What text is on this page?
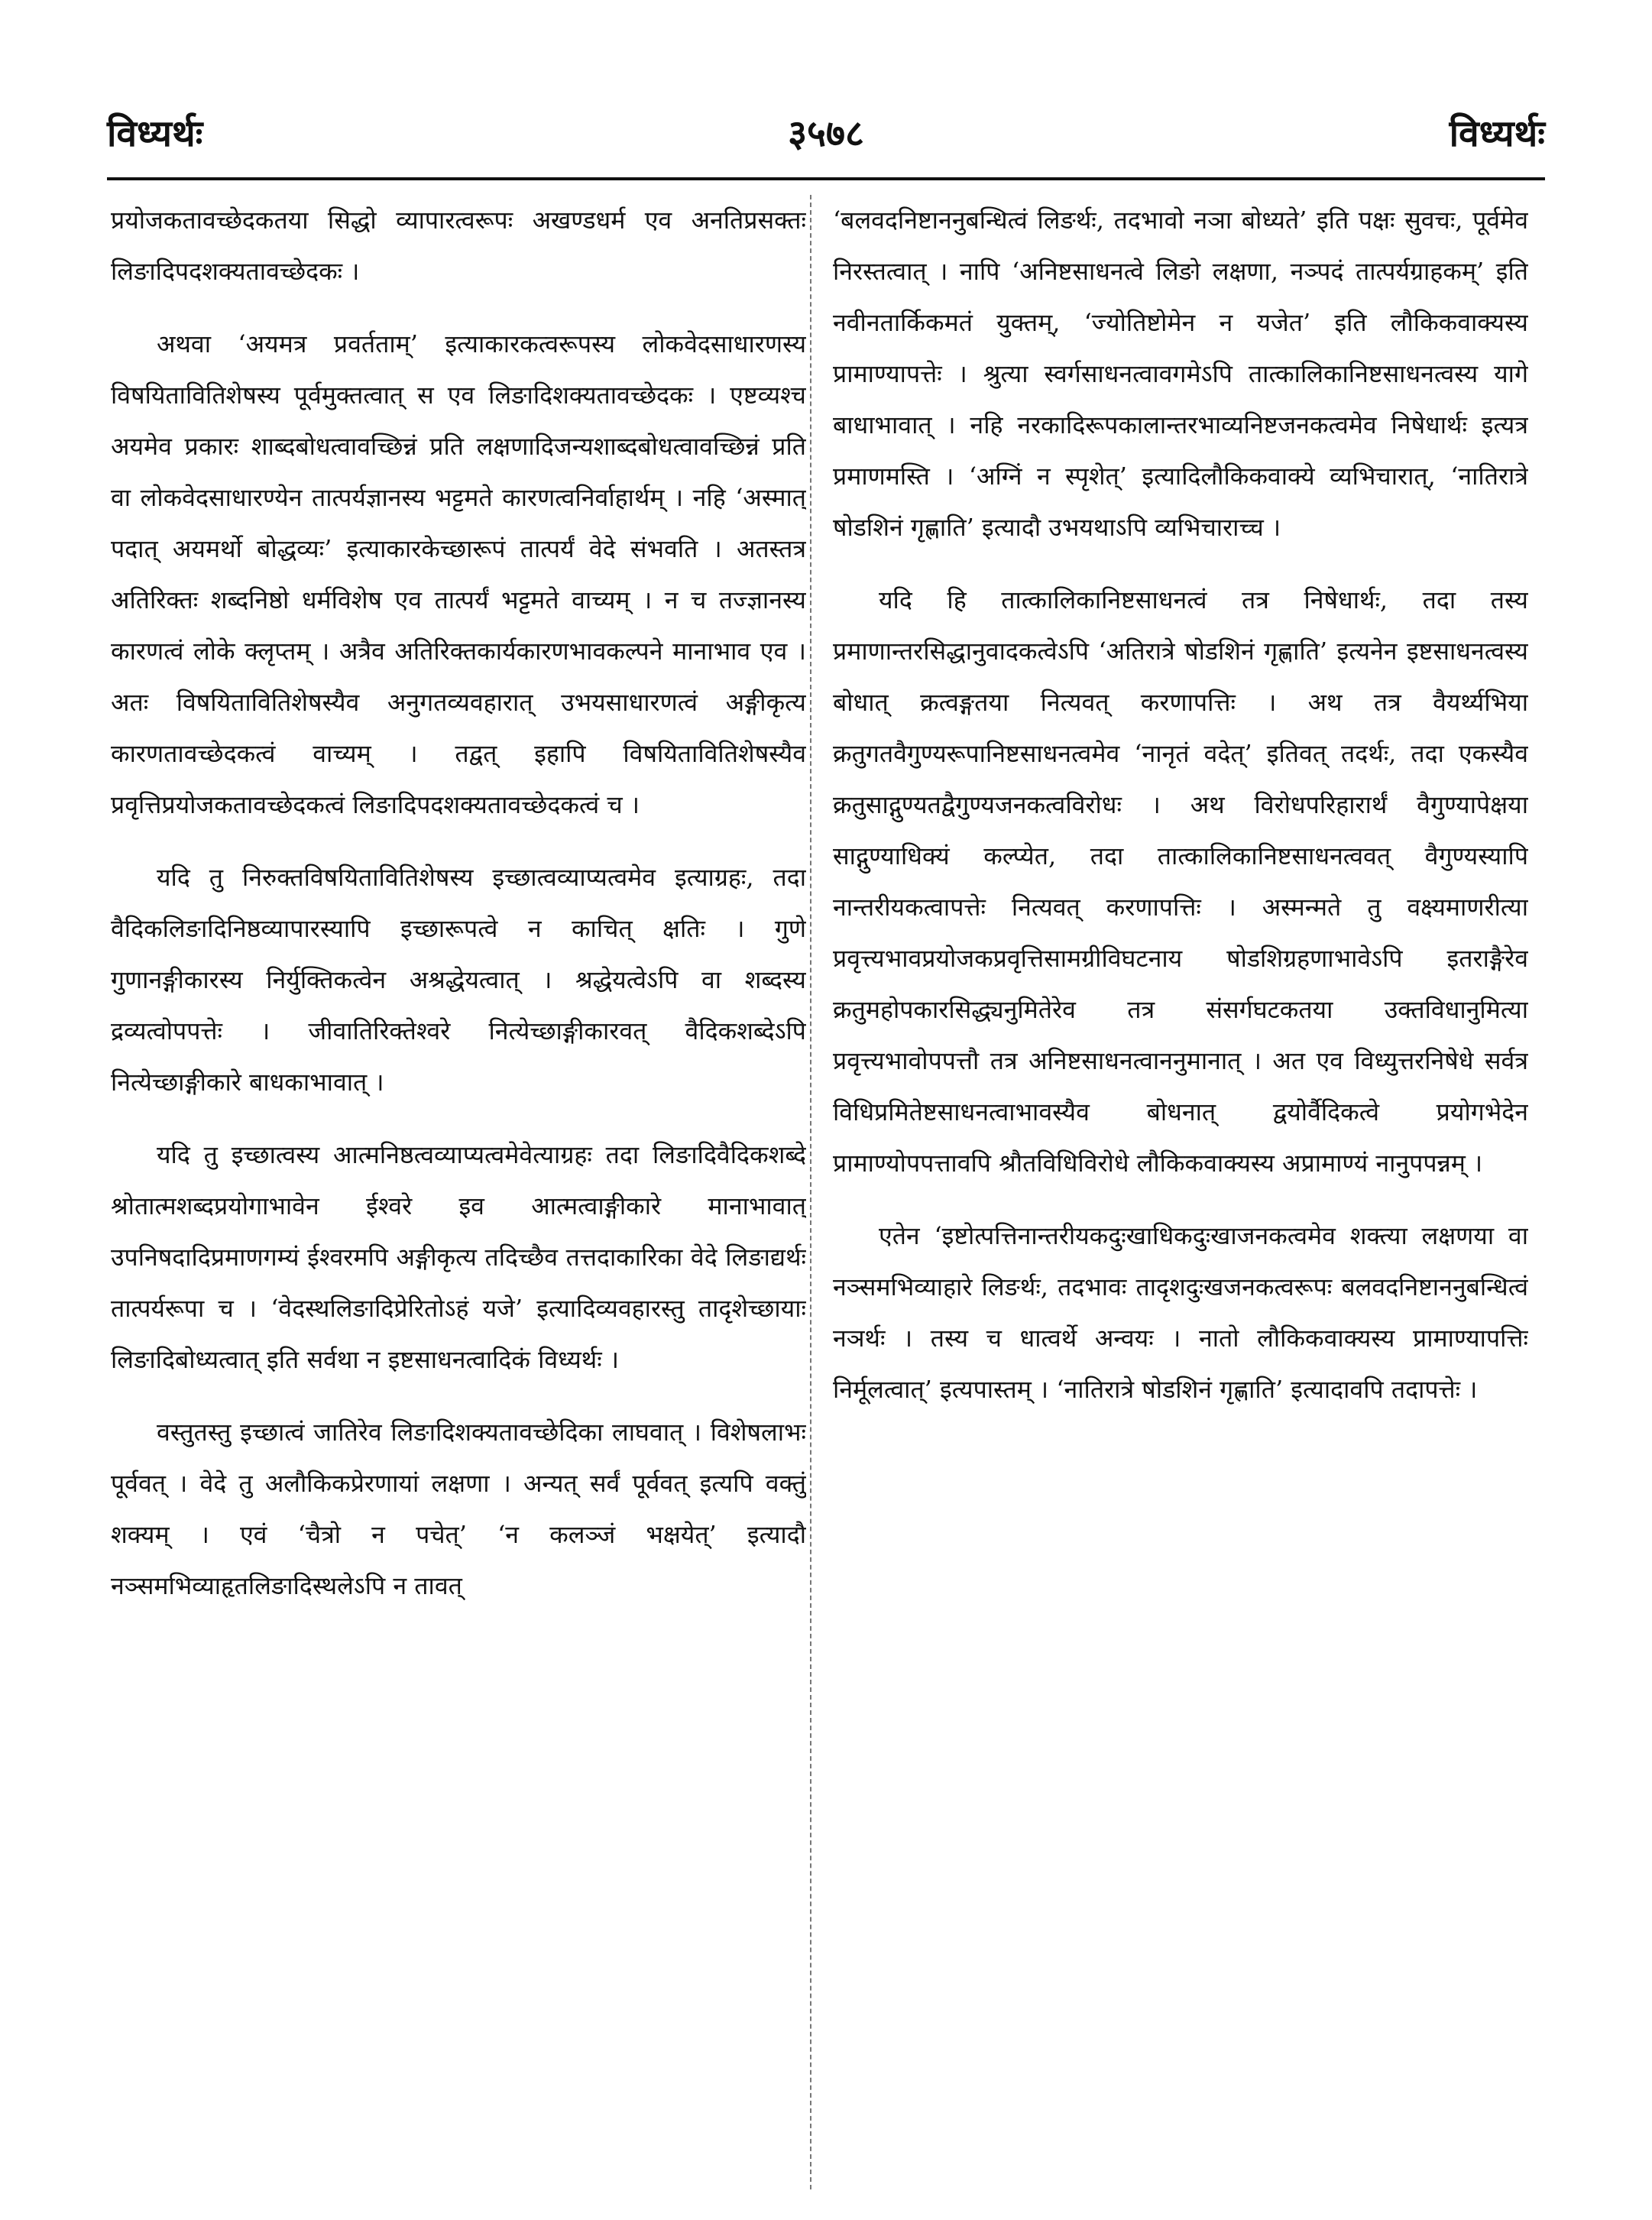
विध्यर्थः	३५७८	विध्यर्थः

प्रयोजकतावच्छेदकतया सिद्धो व्यापारत्वरूपः अखण्डधर्म एव अनतिप्रसक्तः लिङादिपदशक्यतावच्छेदकः ।

अथवा ‘अयमत्र प्रवर्तताम्’ इत्याकारकत्वरूपस्य लोकवेदसाधारणस्य विषयितावितिशेषस्य पूर्वमुक्तत्वात् स एव लिङादिशक्यतावच्छेदकः । एष्टव्यश्च अयमेव प्रकारः शाब्दबोधत्वावच्छिन्नं प्रति लक्षणादिजन्यशाब्दबोधत्वावच्छिन्नं प्रति वा लोकवेदसाधारण्येन तात्पर्यज्ञानस्य भट्टमते कारणत्वनिर्वाहार्थम् । नहि ‘अस्मात् पदात् अयमर्थो बोद्धव्यः’ इत्याकारकेच्छारूपं तात्पर्यं वेदे संभवति । अतस्तत्र अतिरिक्तः शब्दनिष्ठो धर्मविशेष एव तात्पर्यं भट्टमते वाच्यम् । न च तज्ज्ञानस्य कारणत्वं लोके क्लृप्तम् । अत्रैव अतिरिक्तकार्यकारणभावकल्पने मानाभाव एव । अतः विषयितावितिशेषस्यैव अनुगतव्यवहारात् उभयसाधारणत्वं अङ्गीकृत्य कारणतावच्छेदकत्वं वाच्यम् । तद्वत् इहापि विषयितावितिशेषस्यैव प्रवृत्तिप्रयोजकतावच्छेदकत्वं लिङादिपदशक्यतावच्छेदकत्वं च ।

यदि तु निरुक्तविषयितावितिशेषस्य इच्छात्वव्याप्यत्वमेव इत्याग्रहः, तदा वैदिकलिङादिनिष्ठव्यापारस्यापि इच्छारूपत्वे न काचित् क्षतिः । गुणे गुणानङ्गीकारस्य निर्युक्तिकत्वेन अश्रद्धेयत्वात् । श्रद्धेयत्वेऽपि वा शब्दस्य द्रव्यत्वोपपत्तेः । जीवातिरिक्तेश्वरे नित्येच्छाङ्गीकारवत् वैदिकशब्देऽपि नित्येच्छाङ्गीकारे बाधकाभावात् ।

यदि तु इच्छात्वस्य आत्मनिष्ठत्वव्याप्यत्वमेवेत्याग्रहः तदा लिङादिवैदिकशब्दे श्रोतात्मशब्दप्रयोगाभावेन ईश्वरे इव आत्मत्वाङ्गीकारे मानाभावात् उपनिषदादिप्रमाणगम्यं ईश्वरमपि अङ्गीकृत्य तदिच्छैव तत्तदाकारिका वेदे लिङाद्यर्थः तात्पर्यरूपा च । ‘वेदस्थलिङादिप्रेरितोऽहं यजे’ इत्यादिव्यवहारस्तु तादृशेच्छायाः लिङादिबोध्यत्वात् इति सर्वथा न इष्टसाधनत्वादिकं विध्यर्थः ।

वस्तुतस्तु इच्छात्वं जातिरेव लिङादिशक्यतावच्छेदिका लाघवात् । विशेषलाभः पूर्ववत् । वेदे तु अलौकिकप्रेरणायां लक्षणा । अन्यत् सर्वं पूर्ववत् इत्यपि वक्तुं शक्यम् । एवं ‘चैत्रो न पचेत्’ ‘न कलञ्जं भक्षयेत्’ इत्यादौ नञ्समभिव्याहृतलिङादिस्थलेऽपि न तावत्

‘बलवदनिष्टाननुबन्धित्वं लिङर्थः, तदभावो नञा बोध्यते’ इति पक्षः सुवचः, पूर्वमेव निरस्तत्वात् । नापि ‘अनिष्टसाधनत्वे लिङो लक्षणा, नञ्पदं तात्पर्यग्राहकम्’ इति नवीनतार्किकमतं युक्तम्, ‘ज्योतिष्टोमेन न यजेत’ इति लौकिकवाक्यस्य प्रामाण्यापत्तेः । श्रुत्या स्वर्गसाधनत्वावगमेऽपि तात्कालिकानिष्टसाधनत्वस्य यागे बाधाभावात् । नहि नरकादिरूपकालान्तरभाव्यनिष्टजनकत्वमेव निषेधार्थः इत्यत्र प्रमाणमस्ति । ‘अग्निं न स्पृशेत्’ इत्यादिलौकिकवाक्ये व्यभिचारात्, ‘नातिरात्रे षोडशिनं गृह्णाति’ इत्यादौ उभयथाऽपि व्यभिचाराच्च ।

यदि हि तात्कालिकानिष्टसाधनत्वं तत्र निषेधार्थः, तदा तस्य प्रमाणान्तरसिद्धानुवादकत्वेऽपि ‘अतिरात्रे षोडशिनं गृह्णाति’ इत्यनेन इष्टसाधनत्वस्य बोधात् क्रत्वङ्गतया नित्यवत् करणापत्तिः । अथ तत्र वैयर्थ्यभिया क्रतुगतवैगुण्यरूपानिष्टसाधनत्वमेव ‘नानृतं वदेत्’ इतिवत् तदर्थः, तदा एकस्यैव क्रतुसाद्गुण्यतद्वैगुण्यजनकत्वविरोधः । अथ विरोधपरिहारार्थं वैगुण्यापेक्षया साद्गुण्याधिक्यं कल्प्येत, तदा तात्कालिकानिष्टसाधनत्ववत् वैगुण्यस्यापि नान्तरीयकत्वापत्तेः नित्यवत् करणापत्तिः । अस्मन्मते तु वक्ष्यमाणरीत्या प्रवृत्त्यभावप्रयोजकप्रवृत्तिसामग्रीविघटनाय षोडशिग्रहणाभावेऽपि इतराङ्गैरेव क्रतुमहोपकारसिद्ध्यनुमितेरेव तत्र संसर्गघटकतया उक्तविधानुमित्या प्रवृत्त्यभावोपपत्तौ तत्र अनिष्टसाधनत्वाननुमानात् । अत एव विध्युत्तरनिषेधे सर्वत्र विधिप्रमितेष्टसाधनत्वाभावस्यैव बोधनात् द्वयोर्वैदिकत्वे प्रयोगभेदेन प्रामाण्योपपत्तावपि श्रौतविधिविरोधे लौकिकवाक्यस्य अप्रामाण्यं नानुपपन्नम् ।

एतेन ‘इष्टोत्पत्तिनान्तरीयकदुःखाधिकदुःखाजनकत्वमेव शक्त्या लक्षणया वा नञ्समभिव्याहारे लिङर्थः, तदभावः तादृशदुःखजनकत्वरूपः बलवदनिष्टाननुबन्धित्वं नञर्थः । तस्य च धात्वर्थे अन्वयः । नातो लौकिकवाक्यस्य प्रामाण्यापत्तिः निर्मूलत्वात्’ इत्यपास्तम् । ‘नातिरात्रे षोडशिनं गृह्णाति’ इत्यादावपि तदापत्तेः ।
